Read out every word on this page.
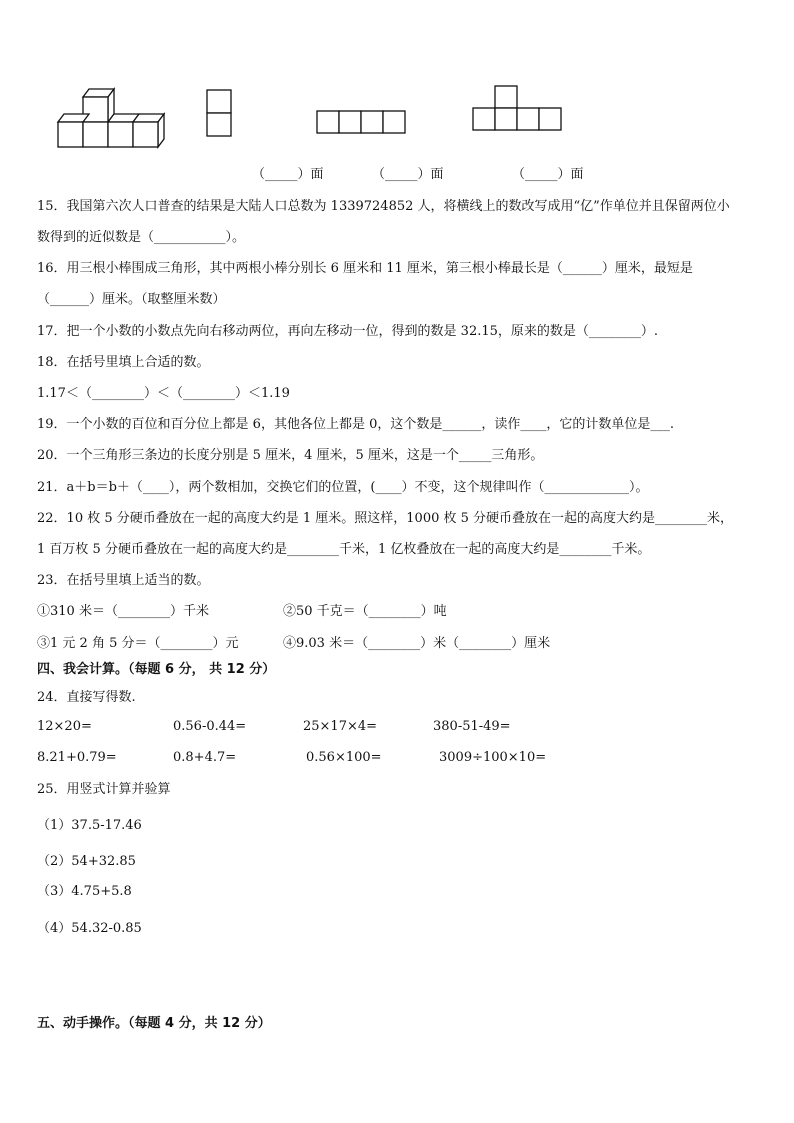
（_____）面	（_____）面	（_____）面
15．我国第六次人口普查的结果是大陆人口总数为 1339724852 人，将横线上的数改写成用“亿”作单位并且保留两位小
数得到的近似数是（___________）。
16．用三根小棒围成三角形，其中两根小棒分别长 6 厘米和 11 厘米，第三根小棒最长是（______）厘米，最短是
（______）厘米。（取整厘米数）
17．把一个小数的小数点先向右移动两位，再向左移动一位，得到的数是 32.15，原来的数是（________）.
18．在括号里填上合适的数。
1.17＜（________）＜（________）＜1.19
19．一个小数的百位和百分位上都是 6，其他各位上都是 0，这个数是______，读作____，它的计数单位是___.
20．一个三角形三条边的长度分别是 5 厘米，4 厘米，5 厘米，这是一个_____三角形。
21．a＋b＝b＋（____），两个数相加，交换它们的位置，(____）不变，这个规律叫作（_____________）。
22．10 枚 5 分硬币叠放在一起的高度大约是 1 厘米。照这样，1000 枚 5 分硬币叠放在一起的高度大约是________米，
1 百万枚 5 分硬币叠放在一起的高度大约是________千米，1 亿枚叠放在一起的高度大约是________千米。
23．在括号里填上适当的数。
①310 米＝（________）千米	②50 千克＝（________）吨
③1 元 2 角 5 分＝（________）元	④9.03 米＝（________）米（________）厘米
四、我会计算。（每题 6 分， 共 12 分）
24．直接写得数.
12×20=	0.56-0.44=	25×17×4=	380-51-49=
8.21+0.79=	0.8+4.7=	0.56×100=	3009÷100×10=
25．用竖式计算并验算
（1）37.5-17.46
（2）54+32.85
（3）4.75+5.8
（4）54.32-0.85
五、动手操作。（每题 4 分，共 12 分）
